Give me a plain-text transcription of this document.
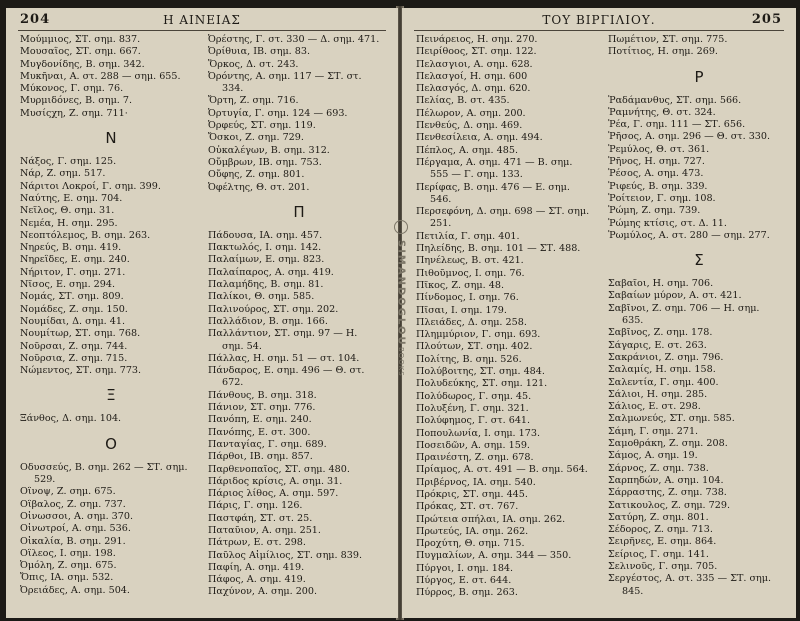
204	Η ΑΙΝΕΙΑΣ
Μούμμιος, ΣΤ. σημ. 837.
Μουσαΐος, ΣΤ. σημ. 667.
Μυγδονίδης, Β. σημ. 342.
Μυκῆναι, Α. στ. 288 — σημ. 655.
Μύκονος, Γ. σημ. 76.
Μυρμιδόνες, Β. σημ. 7.
Μυσίςχη, Ζ. σημ. 711·
N
Νάξος, Γ. σημ. 125.
Νάρ, Ζ. σημ. 517.
Νάριτοι Λοκροί, Γ. σημ. 399.
Ναύτης, Ε. σημ. 704.
Νεῖλος, Θ. σημ. 31.
Νεμέα, Η. σημ. 295.
Νεοπτόλεμος, Β. σημ. 263.
Νηρεύς, Β. σημ. 419.
Νηρεΐδες, Ε. σημ. 240.
Νήριτον, Γ. σημ. 271.
Νῖσος, Ε. σημ. 294.
Νομάς, ΣΤ. σημ. 809.
Νομάδες, Ζ. σημ. 150.
Νουμίδαι, Δ. σημ. 41.
Νουμίτωρ, ΣΤ. σημ. 768.
Νοῦρσαι, Ζ. σημ. 744.
Νοῦρσια, Ζ. σημ. 715.
Νώμεντος, ΣΤ. σημ. 773.
Ξ
Ξάνθος, Δ. σημ. 104.
O
Οδυσσεύς, Β. σημ. 262 — ΣΤ. σημ.
529.
Οΐνοψ, Ζ. σημ. 675.
Οΐβαλος, Ζ. σημ. 737.
Οἰνωσσοι, Α. σημ. 370.
Οἰνωτροί, Α. σημ. 536.
Οἰκαλία, Β. σημ. 291.
Οΐλεος, Ι. σημ. 198.
Ὀμόλη, Ζ. σημ. 675.
Ὄπις, ΙΑ. σημ. 532.
Ὀρειάδες, Α. σημ. 504.
Ὀρέστης, Γ. στ. 330 — Δ. σημ. 471.
Ὀρίθυια, ΙΒ. σημ. 83.
Ὅρκος, Δ. στ. 243.
Ὀρόντης, Α. σημ. 117 — ΣΤ. στ.
334.
Ὄρτη, Ζ. σημ. 716.
Ὀρτυγία, Γ. σημ. 124 — 693.
Ὀρφεύς, ΣΤ. σημ. 119.
Ὄσκοι, Ζ. σημ. 729.
Οὐκαλέγων, Β. σημ. 312.
Οὔμβρων, ΙΒ. σημ. 753.
Οὔφης, Ζ. σημ. 801.
Ὀφέλτης, Θ. στ. 201.
Π
Πάδουσα, ΙΑ. σημ. 457.
Πακτωλός, Ι. σημ. 142.
Παλαίμων, Ε. σημ. 823.
Παλαίπαρος, Α. σημ. 419.
Παλαμήδης, Β. σημ. 81.
Παλίκοι, Θ. σημ. 585.
Παλινούρος, ΣΤ. σημ. 202.
Παλλάδιον, Β. σημ. 166.
Παλλάντιον, ΣΤ. σημ. 97 — Η.
σημ. 54.
Πάλλας, Η. σημ. 51 — στ. 104.
Πάνδαρος, Ε. σημ. 496 — Θ. στ.
672.
Πάνθους, Β. σημ. 318.
Πάνιον, ΣΤ. σημ. 776.
Πανόπη, Ε. σημ. 240.
Πανόπης, Ε. στ. 300.
Πανταγίας, Γ. σημ. 689.
Πάρθοι, ΙΒ. σημ. 857.
Παρθενοπαῖος, ΣΤ. σημ. 480.
Πάριδος κρίσις, Α. σημ. 31.
Πάριος λίθος, Α. σημ. 597.
Πάρις, Γ. σημ. 126.
Παστφάη, ΣΤ. στ. 25.
Παταῦιον, Α. σημ. 251.
Πάτρων, Ε. στ. 298.
Παῦλος Αἰμίλιος, ΣΤ. σημ. 839.
Παφίη, Α. σημ. 419.
Πάφος, Α. σημ. 419.
Παχύνον, Α. σημ. 200.
ΤΟΥ ΒΙΡΓΙΛΙΟΥ.	205
Πεινάρειος, Η. σημ. 270.
Πειρίθοος, ΣΤ. σημ. 122.
Πελασγιοι, Α. σημ. 628.
Πελασγοί, Η. σημ. 600
Πελασγός, Δ. σημ. 620.
Πελίας, Β. στ. 435.
Πέλωρον, Α. σημ. 200.
Πενθεύς, Δ. σημ. 469.
Πενθεσίλεια, Α. σημ. 494.
Πέπλος, Α. σημ. 485.
Πέργαμα, Α. σημ. 471 — Β. σημ.
555 — Γ. σημ. 133.
Περίφας, Β. σημ. 476 — Ε. σημ.
546.
Περσεφόνη, Δ. σημ. 698 — ΣΤ. σημ.
251.
Πετιλία, Γ. σημ. 401.
Πηλείδης, Β. σημ. 101 — ΣΤ. 488.
Πηνέλεως, Β. στ. 421.
Πιθοῦμνος, Ι. σημ. 76.
Πῖκος, Ζ. σημ. 48.
Πίνδομος, Ι. σημ. 76.
Πῖσαι, Ι. σημ. 179.
Πλειάδες, Δ. σημ. 258.
Πλημμύριον, Γ. σημ. 693.
Πλούτων, ΣΤ. σημ. 402.
Πολίτης, Β. σημ. 526.
Πολύβοιτης, ΣΤ. σημ. 484.
Πολυδεύκης, ΣΤ. σημ. 121.
Πολύδωρος, Γ. σημ. 45.
Πολυξένη, Γ. σημ. 321.
Πολύφημος, Γ. στ. 641.
Ποπουλωνία, Ι. σημ. 173.
Ποσειδῶν, Α. σημ. 159.
Πραινέστη, Ζ. σημ. 678.
Πρίαμος, Α. στ. 491 — Β. σημ. 564.
Πριβέρνος, ΙΑ. σημ. 540.
Πρόκρις, ΣΤ. σημ. 445.
Πρόκας, ΣΤ. στ. 767.
Πρώτεια σπήλαι, ΙΑ. σημ. 262.
Πρωτεύς, ΙΑ. σημ. 262.
Προχύτη, Θ. σημ. 715.
Πυγμαλίων, Α. σημ. 344 — 350.
Πύργοι, Ι. σημ. 184.
Πύργος, Ε. στ. 644.
Πύρρος, Β. σημ. 263.
Πωμέτιον, ΣΤ. σημ. 775.
Ποτίτιος, Η. σημ. 269.
Ρ
Ῥαδάμανθυς, ΣΤ. σημ. 566.
Ῥαμνήτης, Θ. στ. 324.
Ῥέα, Γ. σημ. 111 — ΣΤ. 656.
Ῥῆσος, Α. σημ. 296 — Θ. στ. 330.
Ῥεμύλος, Θ. στ. 361.
Ῥῆνος, Η. σημ. 727.
Ῥέσος, Α. σημ. 473.
Ῥιφεύς, Β. σημ. 339.
Ῥοίτειον, Γ. σημ. 108.
Ῥώμη, Ζ. σημ. 739.
Ῥώμης κτίσις, στ. Δ. 11.
Ῥωμύλος, Α. στ. 280 — σημ. 277.
Σ
Σαβαῖοι, Η. σημ. 706.
Σαβαίων μύρον, Α. στ. 421.
Σαβῖνοι, Ζ. σημ. 706 — Η. σημ.
635.
Σαβῖνος, Ζ. σημ. 178.
Σάγαρις, Ε. στ. 263.
Σακράνιοι, Ζ. σημ. 796.
Σαλαμίς, Η. σημ. 158.
Σαλεντία, Γ. σημ. 400.
Σάλιοι, Η. σημ. 285.
Σάλιος, Ε. στ. 298.
Σαλμωνεύς, ΣΤ. σημ. 585.
Σάμη, Γ. σημ. 271.
Σαμοθράκη, Ζ. σημ. 208.
Σάμος, Α. σημ. 19.
Σάρνος, Ζ. σημ. 738.
Σαρπηδών, Α. σημ. 104.
Σάρραστης, Ζ. σημ. 738.
Σατικουλος, Ζ. σημ. 729.
Σατύρη, Ζ. σημ. 801.
Σέδορος, Ζ. σημ. 713.
Σειρῆνες, Ε. σημ. 864.
Σείριος, Γ. σημ. 141.
Σελινοῦς, Γ. σημ. 705.
Σεργέστος, Α. στ. 335 — ΣΤ. σημ.
845.
SIMANDOGLOU
BOOKS
